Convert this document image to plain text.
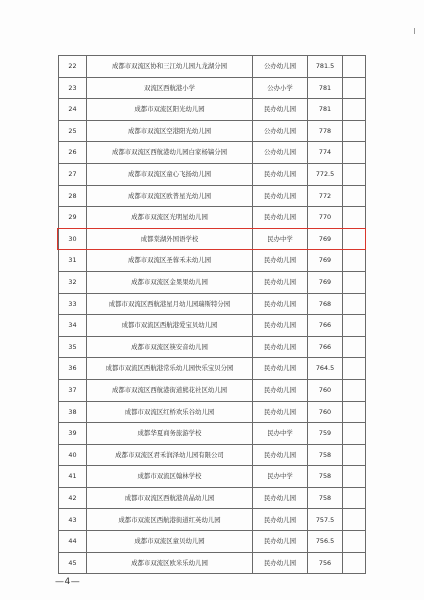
22	成都市双流区协和三江幼儿园九龙湖分园	公办幼儿园	781.5	
23	双流区西航港小学	公办小学	781	
24	成都市双流区阳光幼儿园	民办幼儿园	781	
25	成都市双流区空港阳光幼儿园	公办幼儿园	778	
26	成都市双流区西航港幼儿园白家杨镐分园	公办幼儿园	774	
27	成都市双流区童心飞扬幼儿园	民办幼儿园	772.5	
28	成都市双流区欧普星光幼儿园	民办幼儿园	772	
29	成都市双流区光明星幼儿园	民办幼儿园	770	
30	成都棠湖外国语学校	民办中学	769	
31	成都市双流区圣蓉禾未幼儿园	民办幼儿园	769	
32	成都市双流区金果果幼儿园	民办幼儿园	769	
33	成都市双流区西航港星月幼儿园瑞斯特分园	民办幼儿园	768	
34	成都市双流区西航港爱宝贝幼儿园	民办幼儿园	766	
35	成都市双流区筷安音幼儿园	民办幼儿园	766	
36	成都市双流区西航港常乐幼儿园快乐宝贝分园	民办幼儿园	764.5	
37	成都市双流区西航港街道熊花社区幼儿园	民办幼儿园	760	
38	成都市双流区红桥欢乐谷幼儿园	民办幼儿园	760	
39	成都华夏商务旅游学校	民办中学	759	
40	成都市双流区君禾润泽幼儿园有限公司	民办幼儿园	758	
41	成都市双流区翰林学校	民办中学	758	
42	成都市双流区西航港黄晶幼儿园	民办幼儿园	758	
43	成都市双流区西航港街道红英幼儿园	民办幼儿园	757.5	
44	成都市双流区童贝幼儿园	民办幼儿园	756.5	
45	成都市双流区欧米乐幼儿园	民办幼儿园	756	
—4—
